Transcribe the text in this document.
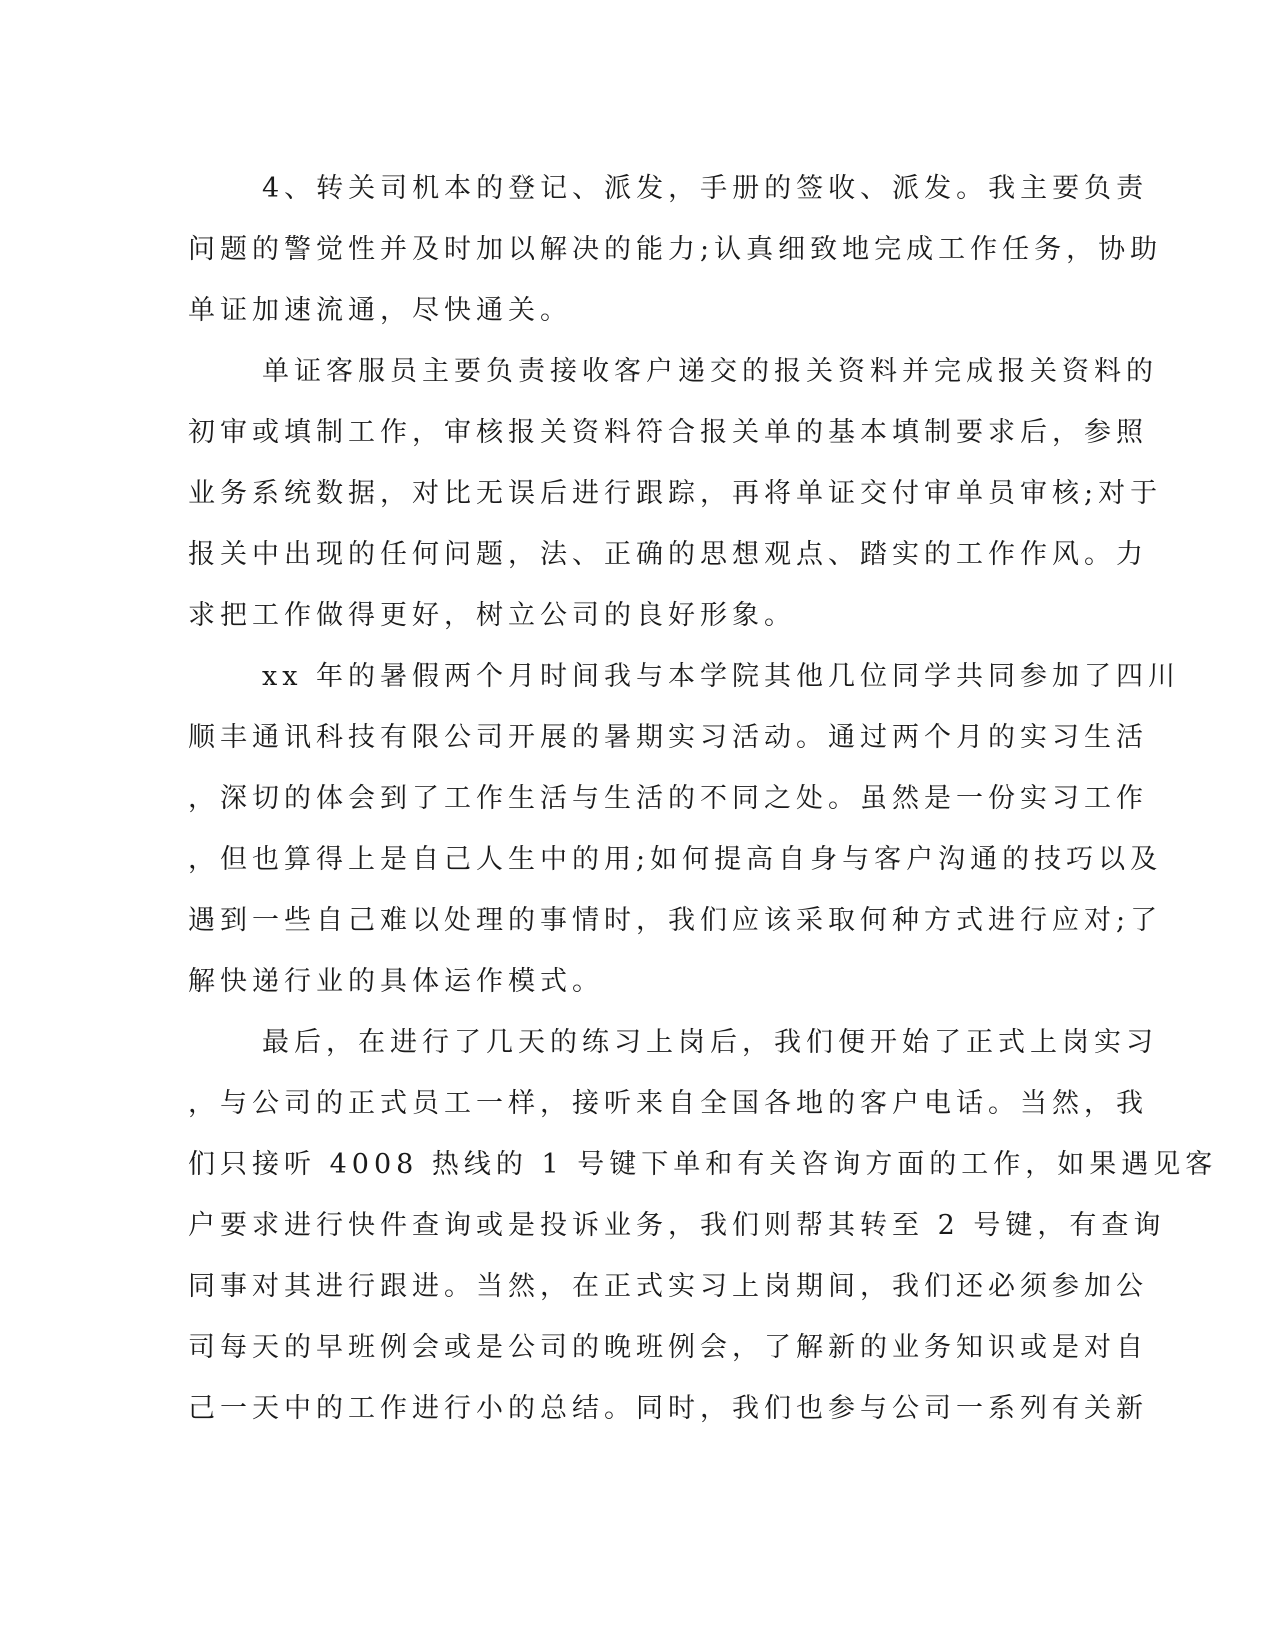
4、转关司机本的登记、派发，手册的签收、派发。我主要负责
问题的警觉性并及时加以解决的能力;认真细致地完成工作任务，协助
单证加速流通，尽快通关。
单证客服员主要负责接收客户递交的报关资料并完成报关资料的
初审或填制工作，审核报关资料符合报关单的基本填制要求后，参照
业务系统数据，对比无误后进行跟踪，再将单证交付审单员审核;对于
报关中出现的任何问题，法、正确的思想观点、踏实的工作作风。力
求把工作做得更好，树立公司的良好形象。
xx 年的暑假两个月时间我与本学院其他几位同学共同参加了四川
顺丰通讯科技有限公司开展的暑期实习活动。通过两个月的实习生活
，深切的体会到了工作生活与生活的不同之处。虽然是一份实习工作
，但也算得上是自己人生中的用;如何提高自身与客户沟通的技巧以及
遇到一些自己难以处理的事情时，我们应该采取何种方式进行应对;了
解快递行业的具体运作模式。
最后，在进行了几天的练习上岗后，我们便开始了正式上岗实习
，与公司的正式员工一样，接听来自全国各地的客户电话。当然，我
们只接听 4008 热线的 1 号键下单和有关咨询方面的工作，如果遇见客
户要求进行快件查询或是投诉业务，我们则帮其转至 2 号键，有查询
同事对其进行跟进。当然，在正式实习上岗期间，我们还必须参加公
司每天的早班例会或是公司的晚班例会，了解新的业务知识或是对自
己一天中的工作进行小的总结。同时，我们也参与公司一系列有关新
